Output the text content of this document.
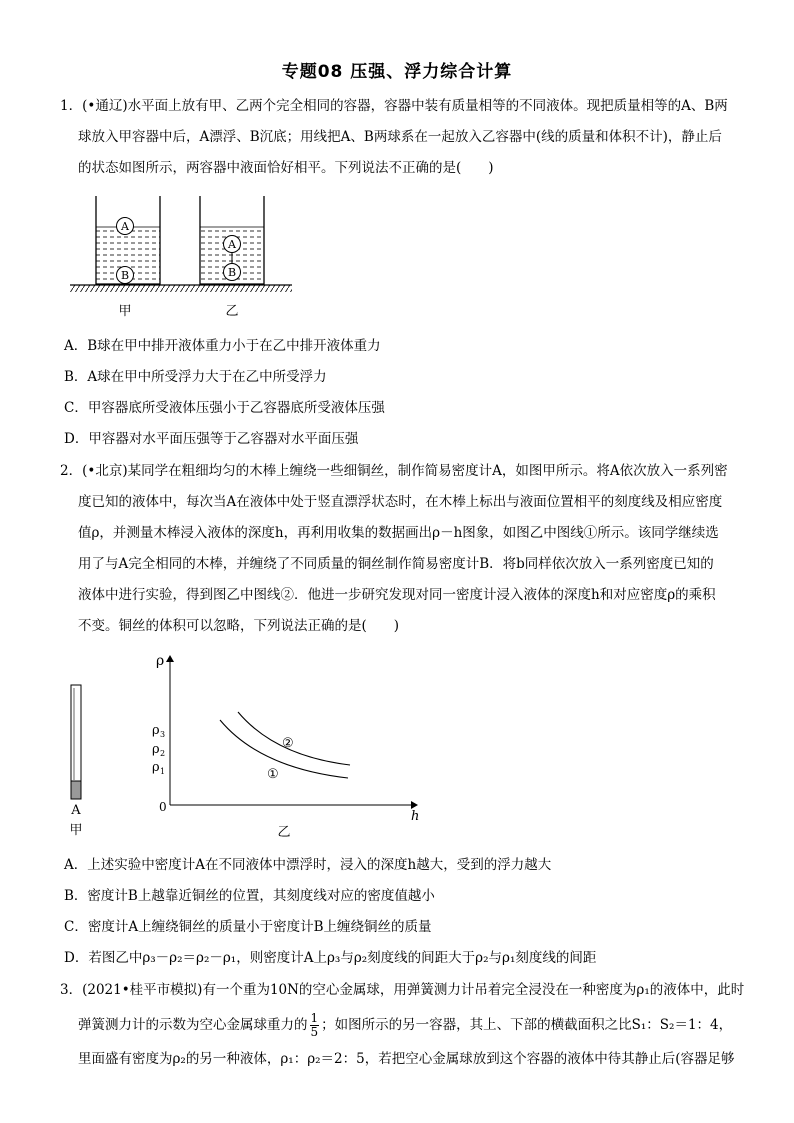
专题08 压强、浮力综合计算
1．(•通辽)水平面上放有甲、乙两个完全相同的容器，容器中装有质量相等的不同液体。现把质量相等的A、B两
球放入甲容器中后，A漂浮、B沉底；用线把A、B两球系在一起放入乙容器中(线的质量和体积不计)，静止后
的状态如图所示，两容器中液面恰好相平。下列说法不正确的是(　　)
A
B
A
B
甲	乙
A．B球在甲中排开液体重力小于在乙中排开液体重力
B．A球在甲中所受浮力大于在乙中所受浮力
C．甲容器底所受液体压强小于乙容器底所受液体压强
D．甲容器对水平面压强等于乙容器对水平面压强
2．(•北京)某同学在粗细均匀的木棒上缠绕一些细铜丝，制作简易密度计A，如图甲所示。将A依次放入一系列密
度已知的液体中，每次当A在液体中处于竖直漂浮状态时，在木棒上标出与液面位置相平的刻度线及相应密度
值ρ，并测量木棒浸入液体的深度h，再利用收集的数据画出ρ－h图象，如图乙中图线①所示。该同学继续选
用了与A完全相同的木棒，并缠绕了不同质量的铜丝制作简易密度计B．将b同样依次放入一系列密度已知的
液体中进行实验，得到图乙中图线②．他进一步研究发现对同一密度计浸入液体的深度h和对应密度ρ的乘积
不变。铜丝的体积可以忽略，下列说法正确的是(　　)
A
甲
ρ
h
0
ρ 3
ρ 2
ρ 1
②
①
乙
A．上述实验中密度计A在不同液体中漂浮时，浸入的深度h越大，受到的浮力越大
B．密度计B上越靠近铜丝的位置，其刻度线对应的密度值越小
C．密度计A上缠绕铜丝的质量小于密度计B上缠绕铜丝的质量
D．若图乙中ρ₃－ρ₂＝ρ₂－ρ₁，则密度计A上ρ₃与ρ₂刻度线的间距大于ρ₂与ρ₁刻度线的间距
3．(2021•桂平市模拟)有一个重为10N的空心金属球，用弹簧测力计吊着完全浸没在一种密度为ρ₁的液体中，此时
弹簧测力计的示数为空心金属球重力的 $\frac{1}{5}$ ；如图所示的另一容器，其上、下部的横截面积之比S₁：S₂＝1：4，
里面盛有密度为ρ₂的另一种液体，ρ₁：ρ₂＝2：5，若把空心金属球放到这个容器的液体中待其静止后(容器足够
